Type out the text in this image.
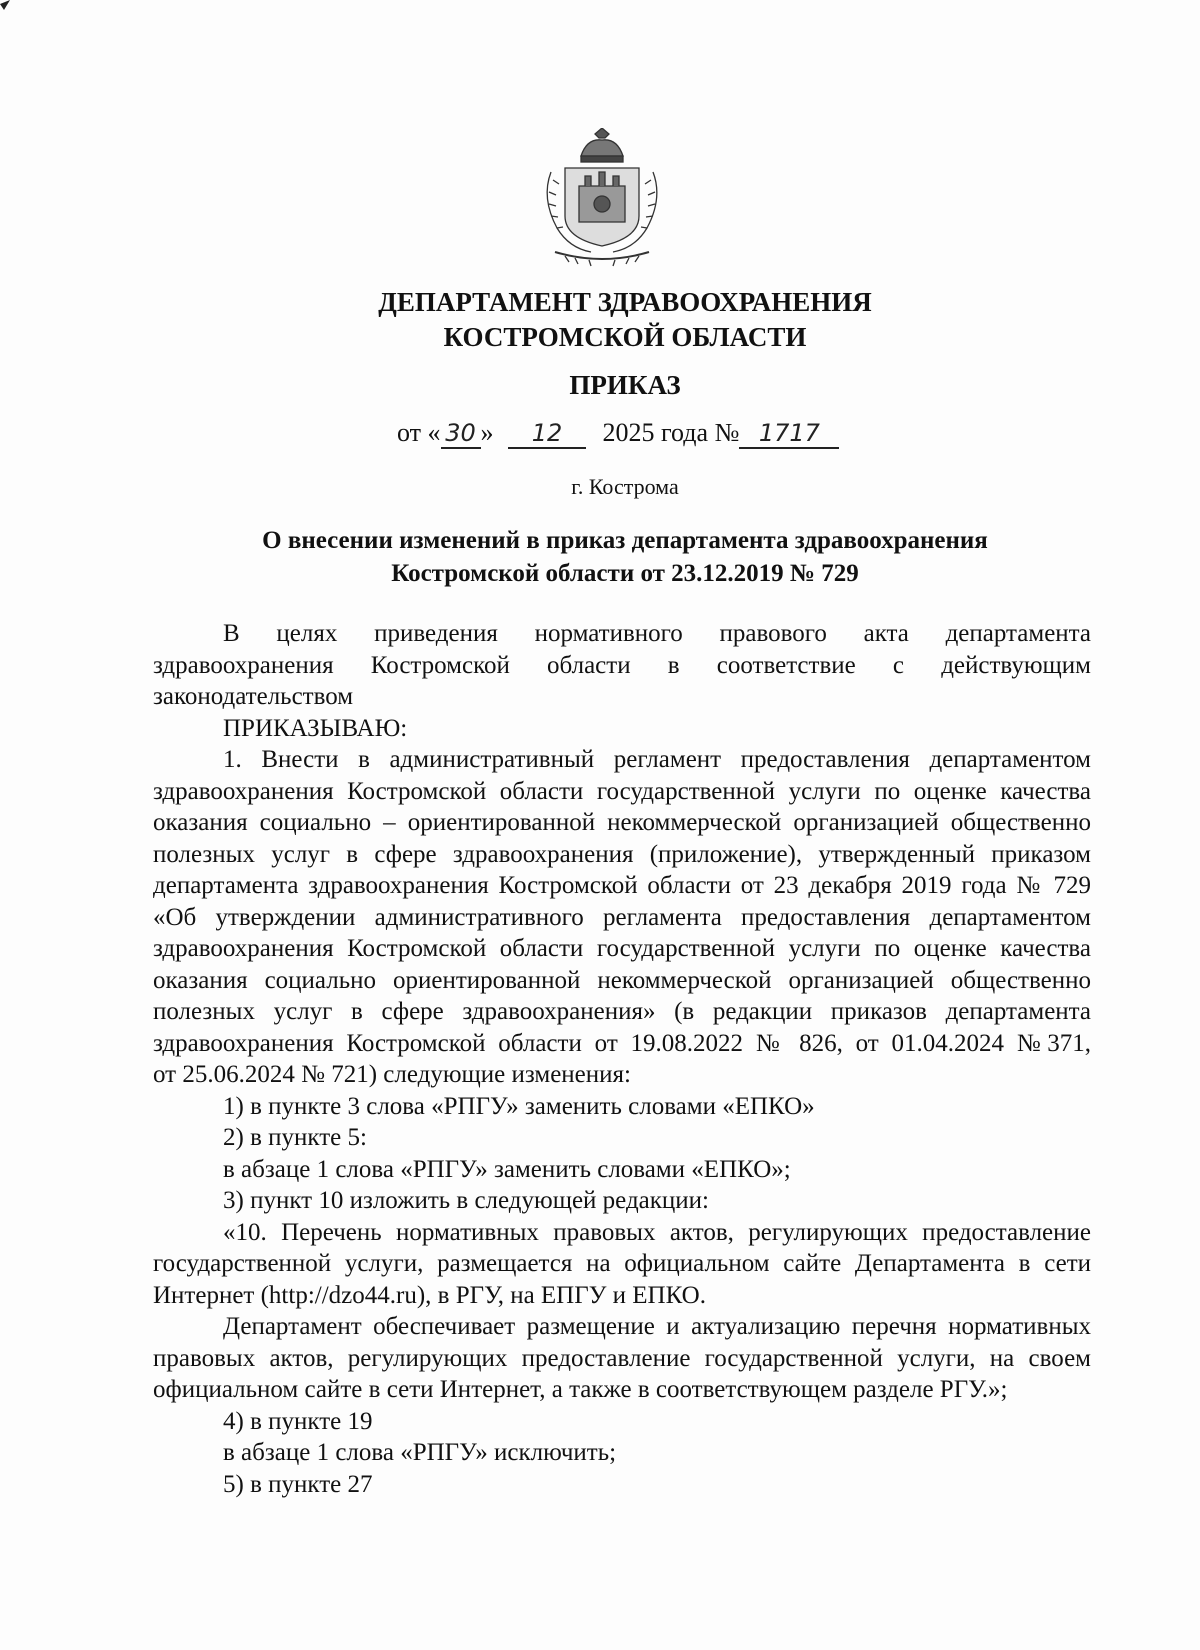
ДЕПАРТАМЕНТ ЗДРАВООХРАНЕНИЯ
КОСТРОМСКОЙ ОБЛАСТИ
ПРИКАЗ
от « 30 » 12 2025 года № 1717
г. Кострома
О внесении изменений в приказ департамента здравоохранения
Костромской области от 23.12.2019 № 729

В целях приведения нормативного правового акта департамента здравоохранения Костромской области в соответствие с действующим законодательством

ПРИКАЗЫВАЮ:

1. Внести в административный регламент предоставления департаментом здравоохранения Костромской области государственной услуги по оценке качества оказания социально – ориентированной некоммерческой организацией общественно полезных услуг в сфере здравоохранения (приложение), утвержденный приказом департамента здравоохранения Костромской области от 23 декабря 2019 года № 729 «Об утверждении административного регламента предоставления департаментом здравоохранения Костромской области государственной услуги по оценке качества оказания социально ориентированной некоммерческой организацией общественно полезных услуг в сфере здравоохранения» (в редакции приказов департамента здравоохранения Костромской области от 19.08.2022 № 826, от 01.04.2024 №371,

от 25.06.2024 № 721) следующие изменения:

1) в пункте 3 слова «РПГУ» заменить словами «ЕПКО»

2) в пункте 5:

в абзаце 1 слова «РПГУ» заменить словами «ЕПКО»;

3) пункт 10 изложить в следующей редакции:

«10. Перечень нормативных правовых актов, регулирующих предоставление государственной услуги, размещается на официальном сайте Департамента в сети Интернет (http://dzo44.ru), в РГУ, на ЕПГУ и ЕПКО.

Департамент обеспечивает размещение и актуализацию перечня нормативных правовых актов, регулирующих предоставление государственной услуги, на своем официальном сайте в сети Интернет, а также в соответствующем разделе РГУ.»;

4) в пункте 19

в абзаце 1 слова «РПГУ» исключить;

5) в пункте 27
